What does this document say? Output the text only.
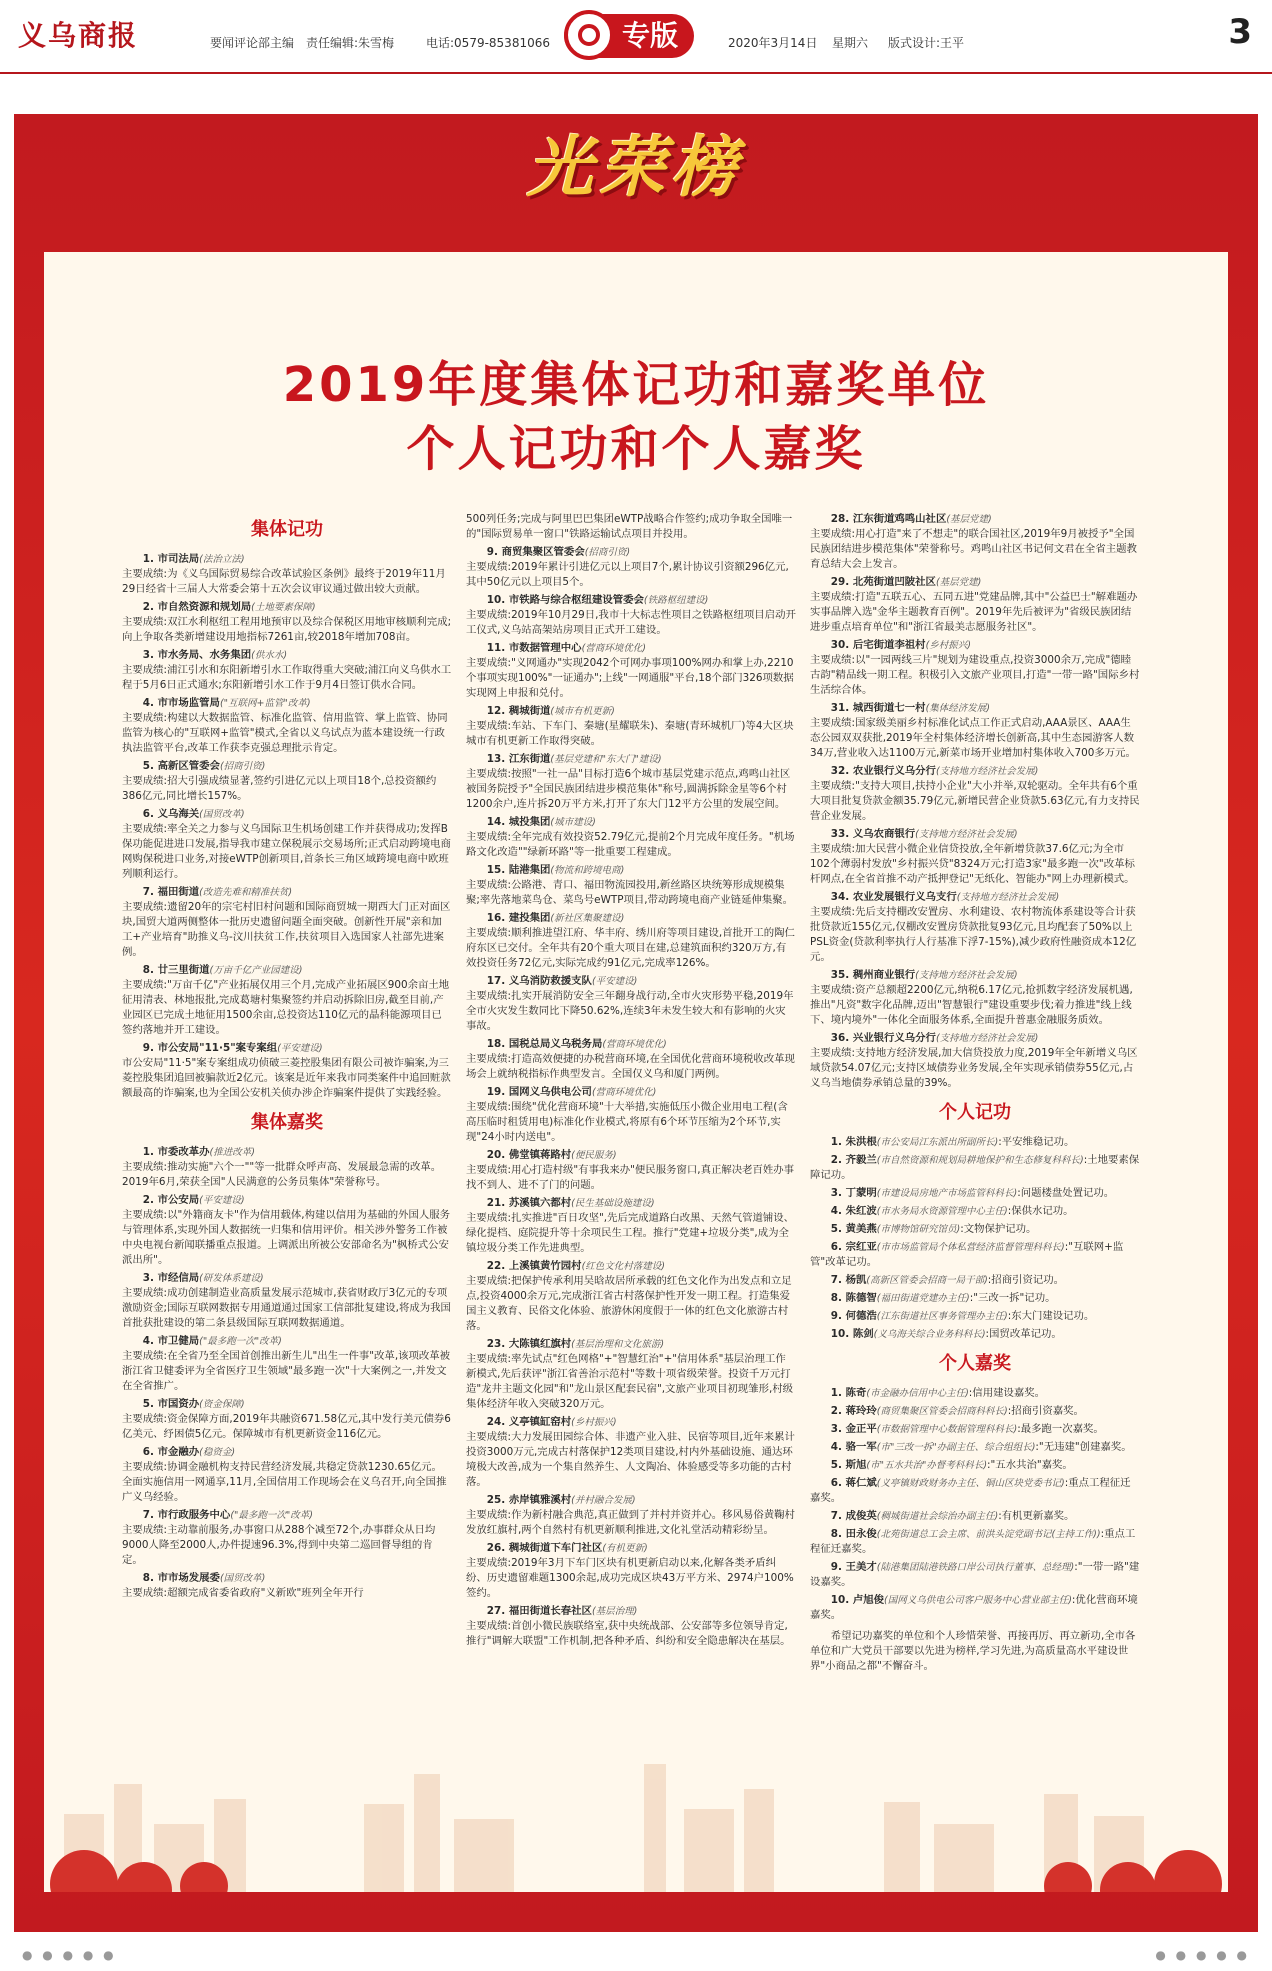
义乌商报	要闻评论部主编 责任编辑:朱雪梅	电话:0579-85381066	专版	2020年3月14日 星期六 版式设计:王平	3
光荣榜
2019年度集体记功和嘉奖单位
个人记功和个人嘉奖
集体记功
1. 市司法局(法治立法)
主要成绩:为《义乌国际贸易综合改革试验区条例》最终于2019年11月29日经省十三届人大常委会第十五次会议审议通过做出较大贡献。
2. 市自然资源和规划局(土地要素保障)
主要成绩:双江水利枢纽工程用地预审以及综合保税区用地审核顺利完成;向上争取各类新增建设用地指标7261亩,较2018年增加708亩。
3. 市水务局、水务集团(供水水)
主要成绩:浦江引水和东阳新增引水工作取得重大突破;浦江向义乌供水工程于5月6日正式通水;东阳新增引水工作于9月4日签订供水合同。
4. 市市场监管局("互联网+监管"改革)
主要成绩:构建以大数据监管、标准化监管、信用监管、掌上监管、协同监管为核心的"互联网+监管"模式,全省以义乌试点为蓝本建设统一行政执法监管平台,改革工作获李克强总理批示肯定。
5. 高新区管委会(招商引资)
主要成绩:招大引强成绩显著,签约引进亿元以上项目18个,总投资额约386亿元,同比增长157%。
6. 义乌海关(国贸改革)
主要成绩:率全关之力参与义乌国际卫生机场创建工作并获得成功;发挥B保功能促进进口发展,指导我市建立保税展示交易场所;正式启动跨境电商网购保税进口业务,对接eWTP创新项目,首条长三角区域跨境电商中欧班列顺利运行。
7. 福田街道(改造先难和精准扶贫)
主要成绩:遗留20年的宗宅村旧村问题和国际商贸城一期西大门正对面区块,国贸大道两侧整体一批历史遗留问题全面突破。创新性开展"亲和加工+产业培育"助推义乌-汶川扶贫工作,扶贫项目入选国家人社部先进案例。
8. 廿三里街道(万亩千亿产业园建设)
主要成绩:"万亩千亿"产业拓展仅用三个月,完成产业拓展区900余亩土地征用清表、林地报批,完成葛塘村集聚签约并启动拆除旧房,截至目前,产业园区已完成土地征用1500余亩,总投资达110亿元的晶科能源项目已签约落地并开工建设。
9. 市公安局"11·5"案专案组(平安建设)
市公安局"11·5"案专案组成功侦破三菱控股集团有限公司被诈骗案,为三菱控股集团追回被骗款近2亿元。该案是近年来我市同类案件中追回赃款额最高的诈骗案,也为全国公安机关侦办涉企诈骗案件提供了实践经验。
集体嘉奖
1. 市委改革办(推进改革)
主要成绩:推动实施"六个一""等一批群众呼声高、发展最急需的改革。2019年6月,荣获全国"人民满意的公务员集体"荣誉称号。
2. 市公安局(平安建设)
主要成绩:以"外籍商友卡"作为信用载体,构建以信用为基础的外国人服务与管理体系,实现外国人数据统一归集和信用评价。相关涉外警务工作被中央电视台新闻联播重点报道。上调派出所被公安部命名为"枫桥式公安派出所"。
3. 市经信局(研发体系建设)
主要成绩:成功创建制造业高质量发展示范城市,获省财政厅3亿元的专项激励资金;国际互联网数据专用通道通过国家工信部批复建设,将成为我国首批获批建设的第二条县级国际互联网数据通道。
4. 市卫健局("最多跑一次"改革)
主要成绩:在全省乃至全国首创推出新生儿"出生一件事"改革,该项改革被浙江省卫健委评为全省医疗卫生领域"最多跑一次"十大案例之一,并发文在全省推广。
5. 市国资办(资金保障)
主要成绩:资金保障方面,2019年共融资671.58亿元,其中发行美元债券6亿美元、纾困债5亿元。保障城市有机更新资金116亿元。
6. 市金融办(稳资金)
主要成绩:协调金融机构支持民营经济发展,共稳定贷款1230.65亿元。全面实施信用一网通享,11月,全国信用工作现场会在义乌召开,向全国推广义乌经验。
7. 市行政服务中心("最多跑一次"改革)
主要成绩:主动靠前服务,办事窗口从288个减至72个,办事群众从日均9000人降至2000人,办件提速96.3%,得到中央第二巡回督导组的肯定。
8. 市市场发展委(国贸改革)
主要成绩:超额完成省委省政府"义新欧"班列全年开行
500列任务;完成与阿里巴巴集团eWTP战略合作签约;成功争取全国唯一的"国际贸易单一窗口"铁路运输试点项目并投用。
9. 商贸集聚区管委会(招商引资)
主要成绩:2019年累计引进亿元以上项目7个,累计协议引资额296亿元,其中50亿元以上项目5个。
10. 市铁路与综合枢纽建设管委会(铁路枢纽建设)
主要成绩:2019年10月29日,我市十大标志性项目之铁路枢纽项目启动开工仪式,义乌站高架站房项目正式开工建设。
11. 市数据管理中心(营商环境优化)
主要成绩:"义网通办"实现2042个可网办事项100%网办和掌上办,2210个事项实现100%"一证通办";上线"一网通服"平台,18个部门326项数据实现网上申报和兑付。
12. 稠城街道(城市有机更新)
主要成绩:车站、下车门、秦塘(星耀联朱)、秦塘(青环城机厂)等4大区块城市有机更新工作取得突破。
13. 江东街道(基层党建和"东大门"建设)
主要成绩:按照"一社一品"目标打造6个城市基层党建示范点,鸡鸣山社区被国务院授予"全国民族团结进步模范集体"称号,圆满拆除金星等6个村1200余户,连片拆20万平方米,打开了东大门12平方公里的发展空间。
14. 城投集团(城市建设)
主要成绩:全年完成有效投资52.79亿元,提前2个月完成年度任务。"机场路文化改造""绿新环路"等一批重要工程建成。
15. 陆港集团(物流和跨境电商)
主要成绩:公路港、青口、福田物流园投用,新丝路区块统筹形成规模集聚;率先落地菜鸟仓、菜鸟号eWTP项目,带动跨境电商产业链延伸集聚。
16. 建投集团(新社区集聚建设)
主要成绩:顺利推进望江府、华丰府、绣川府等项目建设,首批开工的陶仁府东区已交付。全年共有20个重大项目在建,总建筑面积约320万方,有效投资任务72亿元,实际完成约91亿元,完成率126%。
17. 义乌消防救援支队(平安建设)
主要成绩:扎实开展消防安全三年翻身战行动,全市火灾形势平稳,2019年全市火灾发生数同比下降50.62%,连续3年未发生较大和有影响的火灾事故。
18. 国税总局义乌税务局(营商环境优化)
主要成绩:打造高效便捷的办税营商环境,在全国优化营商环境税收改革现场会上就纳税指标作典型发言。全国仅义乌和厦门两例。
19. 国网义乌供电公司(营商环境优化)
主要成绩:围绕"优化营商环境"十大举措,实施低压小微企业用电工程(含高压临时租赁用电)标准化作业模式,将原有6个环节压缩为2个环节,实现"24小时内送电"。
20. 佛堂镇蒋路村(便民服务)
主要成绩:用心打造村级"有事我来办"便民服务窗口,真正解决老百姓办事找不到人、进不了门的问题。
21. 苏溪镇六都村(民生基础设施建设)
主要成绩:扎实推进"百日攻坚",先后完成道路白改黑、天然气管道铺设、绿化提档、庭院提升等十余项民生工程。推行"党建+垃圾分类",成为全镇垃圾分类工作先进典型。
22. 上溪镇黄竹园村(红色文化村落建设)
主要成绩:把保护传承利用吴晗故居所承载的红色文化作为出发点和立足点,投资4000余万元,完成浙江省古村落保护性开发一期工程。打造集爱国主义教育、民俗文化体验、旅游休闲度假于一体的红色文化旅游古村落。
23. 大陈镇红旗村(基层治理和文化旅游)
主要成绩:率先试点"红色网格"+"智慧红治"+"信用体系"基层治理工作新模式,先后获评"浙江省善治示范村"等数十项省级荣誉。投资千万元打造"龙井主题文化园"和"龙山景区配套民宿",文旅产业项目初现雏形,村级集体经济年收入突破320万元。
24. 义亭镇缸窑村(乡村振兴)
主要成绩:大力发展田园综合体、非遗产业入驻、民宿等项目,近年来累计投资3000万元,完成古村落保护12类项目建设,村内外基础设施、通达环境极大改善,成为一个集自然养生、人文陶冶、体验感受等多功能的古村落。
25. 赤岸镇雅溪村(并村融合发展)
主要成绩:作为新村融合典范,真正做到了并村并资并心。移风易俗黄鞠村发放红旗村,两个自然村有机更新顺利推进,文化礼堂活动精彩纷呈。
26. 稠城街道下车门社区(有机更新)
主要成绩:2019年3月下车门区块有机更新启动以来,化解各类矛盾纠纷、历史遗留难题1300余起,成功完成区块43万平方米、2974户100%签约。
27. 福田街道长春社区(基层治理)
主要成绩:首创小微民族联络室,获中央统战部、公安部等多位领导肯定,推行"调解大联盟"工作机制,把各种矛盾、纠纷和安全隐患解决在基层。
28. 江东街道鸡鸣山社区(基层党建)
主要成绩:用心打造"来了不想走"的联合国社区,2019年9月被授予"全国民族团结进步模范集体"荣誉称号。鸡鸣山社区书记何文君在全省主题教育总结大会上发言。
29. 北苑街道凹陂社区(基层党建)
主要成绩:打造"五联五心、五同五进"党建品牌,其中"公益巴士"解难题办实事品牌入选"金华主题教育百例"。2019年先后被评为"省级民族团结进步重点培育单位"和"浙江省最美志愿服务社区"。
30. 后宅街道李祖村(乡村振兴)
主要成绩:以"一园两线三片"规划为建设重点,投资3000余万,完成"德睦古韵"精品线一期工程。积极引入文旅产业项目,打造"一带一路"国际乡村生活综合体。
31. 城西街道七一村(集体经济发展)
主要成绩:国家级美丽乡村标准化试点工作正式启动,AAA景区、AAA生态公园双双获批,2019年全村集体经济增长创新高,其中生态园游客人数34万,营业收入达1100万元,新菜市场开业增加村集体收入700多万元。
32. 农业银行义乌分行(支持地方经济社会发展)
主要成绩:"支持大项目,扶持小企业"大小并举,双轮驱动。全年共有6个重大项目批复贷款金额35.79亿元,新增民营企业贷款5.63亿元,有力支持民营企业发展。
33. 义乌农商银行(支持地方经济社会发展)
主要成绩:加大民营小微企业信贷投放,全年新增贷款37.6亿元;为全市102个薄弱村发放"乡村振兴贷"8324万元;打造3家"最多跑一次"改革标杆网点,在全省首推不动产抵押登记"无纸化、智能办"网上办理新模式。
34. 农业发展银行义乌支行(支持地方经济社会发展)
主要成绩:先后支持棚改安置房、水利建设、农村物流体系建设等合计获批贷款近155亿元,仅棚改安置房贷款批复93亿元,且均配套了50%以上PSL资金(贷款利率执行人行基准下浮7-15%),减少政府性融资成本12亿元。
35. 稠州商业银行(支持地方经济社会发展)
主要成绩:资产总额超2200亿元,纳税6.17亿元,抢抓数字经济发展机遇,推出"凡资"数字化品牌,迈出"智慧银行"建设重要步伐;着力推进"线上线下、境内境外"一体化全面服务体系,全面提升普惠金融服务质效。
36. 兴业银行义乌分行(支持地方经济社会发展)
主要成绩:支持地方经济发展,加大信贷投放力度,2019年全年新增义乌区域贷款54.07亿元;支持区域债券业务发展,全年实现承销债券55亿元,占义乌当地债券承销总量的39%。
个人记功
1. 朱洪根(市公安局江东派出所副所长):平安维稳记功。
2. 齐毅兰(市自然资源和规划局耕地保护和生态修复科科长):土地要素保障记功。
3. 丁蒙明(市建设局房地产市场监管科科长):问题楼盘处置记功。
4. 朱红波(市水务局水资源管理中心主任):保供水记功。
5. 黄美燕(市博物馆研究馆员):文物保护记功。
6. 宗红亚(市市场监管局个体私营经济监督管理科科长):"互联网+监管"改革记功。
7. 杨凯(高新区管委会招商一局干部):招商引资记功。
8. 陈德智(福田街道党建办主任):"三改一拆"记功。
9. 何德浩(江东街道社区事务管理办主任):东大门建设记功。
10. 陈剑(义乌海关综合业务科科长):国贸改革记功。
个人嘉奖
1. 陈奇(市金融办信用中心主任):信用建设嘉奖。
2. 蒋玲玲(商贸集聚区管委会招商科科长):招商引资嘉奖。
3. 金正平(市数据管理中心数据管理科科长):最多跑一次嘉奖。
4. 骆一军(市"三改一拆"办副主任、综合组组长):"无违建"创建嘉奖。
5. 斯旭(市"五水共治"办督考科科长):"五水共治"嘉奖。
6. 蒋仁斌(义亭镇财政财务办主任、铜山区块党委书记):重点工程征迁嘉奖。
7. 成俊英(稠城街道社会综治办副主任):有机更新嘉奖。
8. 田永俊(北苑街道总工会主席、前洪头淀党副书记(主持工作)):重点工程征迁嘉奖。
9. 王美才(陆港集团陆港铁路口岸公司执行董事、总经理):"一带一路"建设嘉奖。
10. 卢旭俊(国网义乌供电公司客户服务中心营业部主任):优化营商环境嘉奖。
希望记功嘉奖的单位和个人珍惜荣誉、再接再厉、再立新功,全市各单位和广大党员干部要以先进为榜样,学习先进,为高质量高水平建设世界"小商品之都"不懈奋斗。
● ● ● ● ●	● ● ● ● ●
